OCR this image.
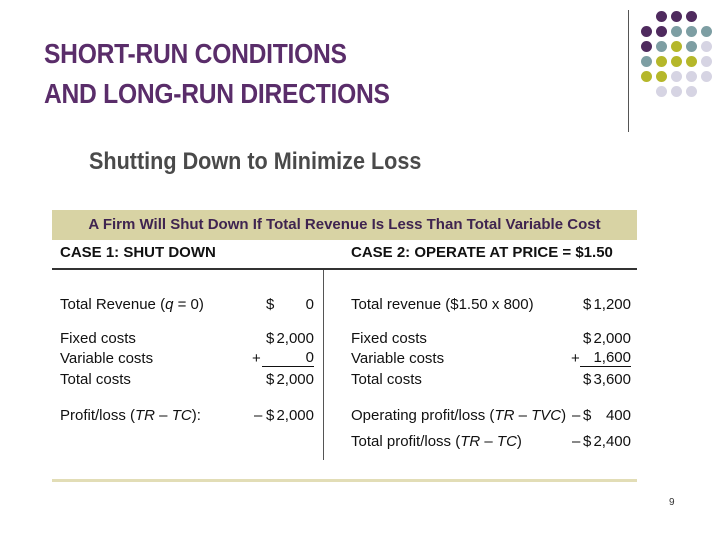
SHORT-RUN CONDITIONS
AND LONG-RUN DIRECTIONS
Shutting Down to Minimize Loss
A Firm Will Shut Down If Total Revenue Is Less Than Total Variable Cost
CASE 1: SHUT DOWN	CASE 2: OPERATE AT PRICE = $1.50
Total Revenue (q = 0)	$	0
Fixed costs	$ 2,000
Variable costs	+	0
Total costs	$ 2,000
Profit/loss (TR – TC):	– $ 2,000
Total revenue ($1.50 x 800)	$ 1,200
Fixed costs	$ 2,000
Variable costs	+ 1,600
Total costs	$ 3,600
Operating profit/loss (TR – TVC) – $ 400
Total profit/loss (TR – TC)	– $ 2,400
9
